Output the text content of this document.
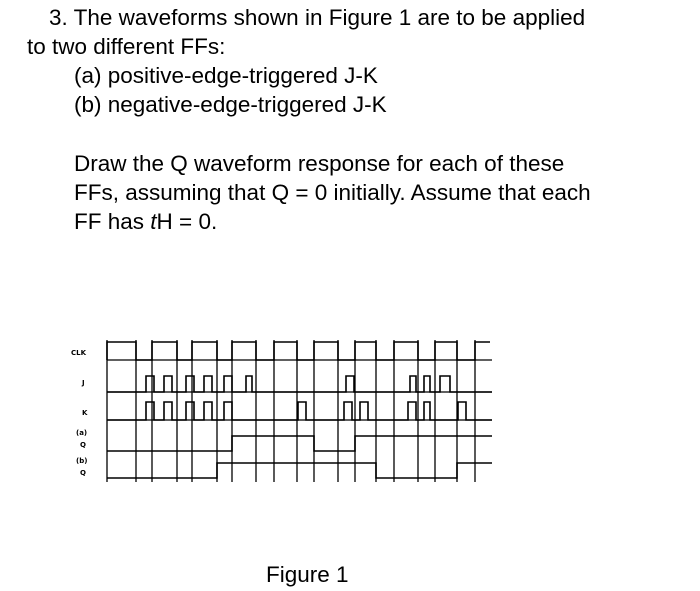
3. The waveforms shown in Figure 1 are to be applied
to two different FFs:
(a) positive-edge-triggered J-K
(b) negative-edge-triggered J-K
Draw the Q waveform response for each of these
FFs, assuming that Q = 0 initially. Assume that each
FF has tH = 0.
CLK
J
K
(a)
Q
(b)
Q
Figure 1
